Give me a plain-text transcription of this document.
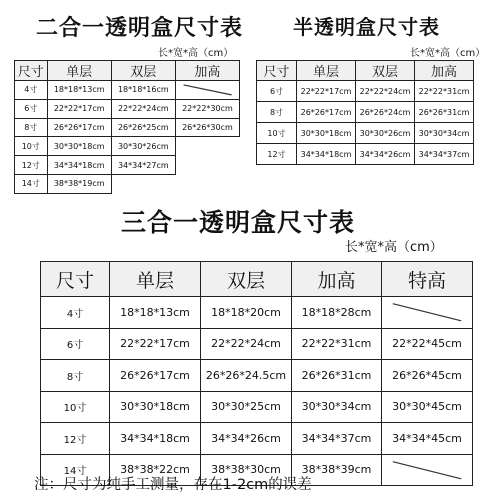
二合一透明盒尺寸表
长*宽*高（cm）
尺寸	单层	双层	加高
4寸	18*18*13cm	18*18*16cm	

6寸	22*22*17cm	22*22*24cm	22*22*30cm
8寸	26*26*17cm	26*26*25cm	26*26*30cm
10寸	30*30*18cm	30*30*26cm	
12寸	34*34*18cm	34*34*27cm	
14寸	38*38*19cm		
半透明盒尺寸表
长*宽*高（cm）
尺寸	单层	双层	加高
6寸	22*22*17cm	22*22*24cm	22*22*31cm
8寸	26*26*17cm	26*26*24cm	26*26*31cm
10寸	30*30*18cm	30*30*26cm	30*30*34cm
12寸	34*34*18cm	34*34*26cm	34*34*37cm
三合一透明盒尺寸表
长*宽*高（cm）
尺寸	单层	双层	加高	特高
4寸	18*18*13cm	18*18*20cm	18*18*28cm	

6寸	22*22*17cm	22*22*24cm	22*22*31cm	22*22*45cm
8寸	26*26*17cm	26*26*24.5cm	26*26*31cm	26*26*45cm
10寸	30*30*18cm	30*30*25cm	30*30*34cm	30*30*45cm
12寸	34*34*18cm	34*34*26cm	34*34*37cm	34*34*45cm
14寸	38*38*22cm	38*38*30cm	38*38*39cm	
注：尺寸为纯手工测量，存在1-2cm的误差
